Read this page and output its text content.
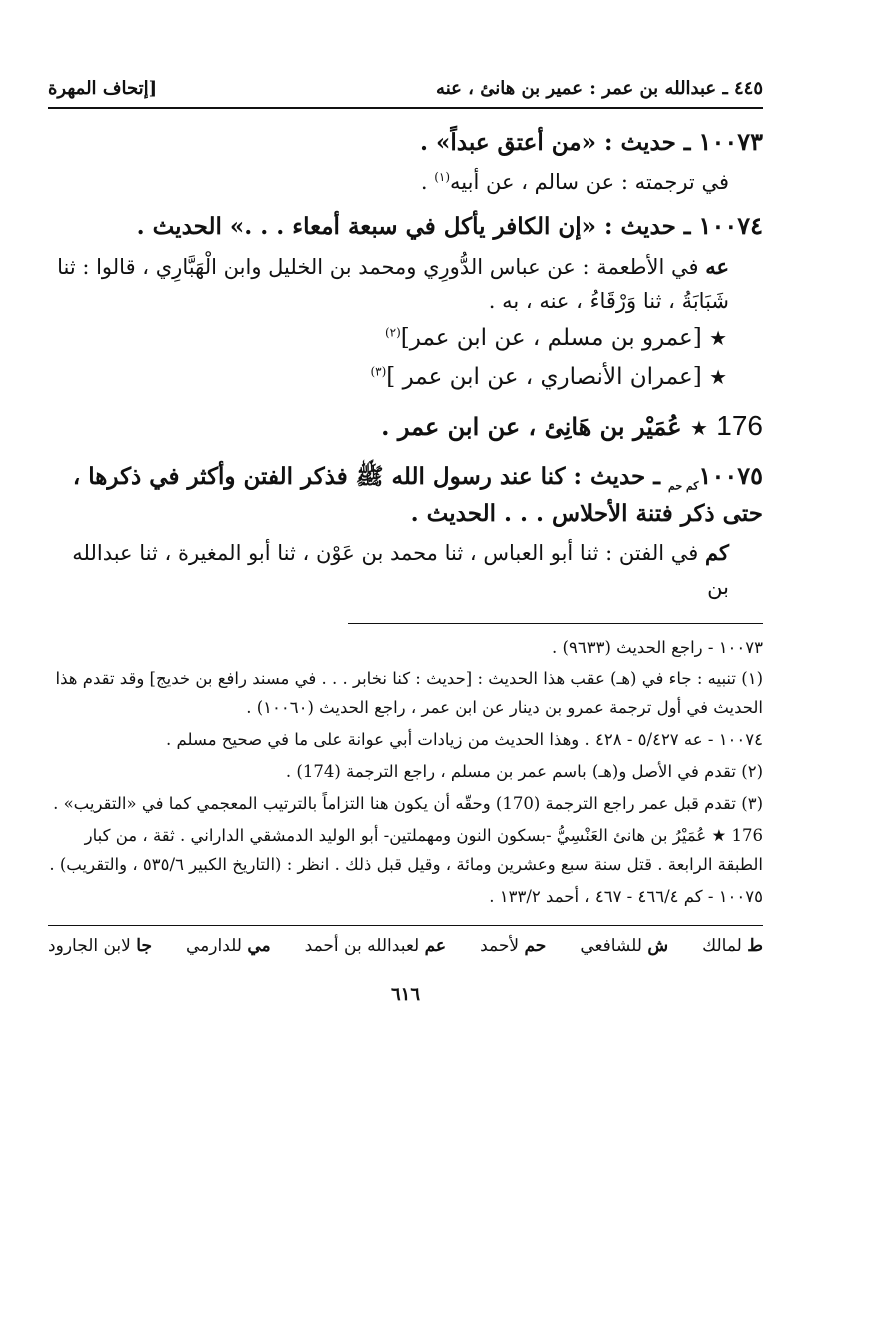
٤٤٥ ـ عبدالله بن عمر : عمير بن هانئ ، عنه
[إتحاف المهرة
١٠٠٧٣ ـ حديث : «من أعتق عبداً» .
في ترجمته : عن سالم ، عن أبيه$^{(١)}$ .
١٠٠٧٤ ـ حديث : «إن الكافر يأكل في سبعة أمعاء . . .» الحديث .
عه في الأطعمة : عن عباس الدُّورِي ومحمد بن الخليل وابن الْهَبَّارِي ، قالوا : ثنا شَبَابَةُ ، ثنا وَرْقَاءُ ، عنه ، به .
★ [عمرو بن مسلم ، عن ابن عمر]$^{(٢)}$
★ [عمران الأنصاري ، عن ابن عمر ]$^{(٣)}$
176 ★ عُمَيْر بن هَانِئ ، عن ابن عمر .
$١٠٠٧٥_{كم حم}$ ـ حديث : كنا عند رسول الله ﷺ فذكر الفتن وأكثر في ذكرها ، حتى ذكر فتنة الأحلاس . . . الحديث .
كم في الفتن : ثنا أبو العباس ، ثنا محمد بن عَوْن ، ثنا أبو المغيرة ، ثنا عبدالله بن
١٠٠٧٣ - راجع الحديث (٩٦٣٣) .
(١) تنبيه : جاء في (هـ) عقب هذا الحديث : [حديث : كنا نخابر . . . في مسند رافع بن خديج] وقد تقدم هذا الحديث في أول ترجمة عمرو بن دينار عن ابن عمر ، راجع الحديث (١٠٠٦٠) .
١٠٠٧٤ - عه ٥/٤٢٧ - ٤٢٨ . وهذا الحديث من زيادات أبي عوانة على ما في صحيح مسلم .
(٢) تقدم في الأصل و(هـ) باسم عمر بن مسلم ، راجع الترجمة (174) .
(٣) تقدم قبل عمر راجع الترجمة (170) وحقّه أن يكون هنا التزاماً بالترتيب المعجمي كما في «التقريب» .
176 ★ عُمَيْرُ بن هانئ العَنْسِيُّ -بسكون النون ومهملتين- أبو الوليد الدمشقي الداراني . ثقة ، من كبار الطبقة الرابعة . قتل سنة سبع وعشرين ومائة ، وقيل قبل ذلك . انظر : (التاريخ الكبير ٥٣٥/٦ ، والتقريب) .
١٠٠٧٥ - كم ٤٦٦/٤ - ٤٦٧ ، أحمد ١٣٣/٢ .
ط لمالك
ش للشافعي
حم لأحمد
عم لعبدالله بن أحمد
مي للدارمي
جا لابن الجارود
٦١٦
